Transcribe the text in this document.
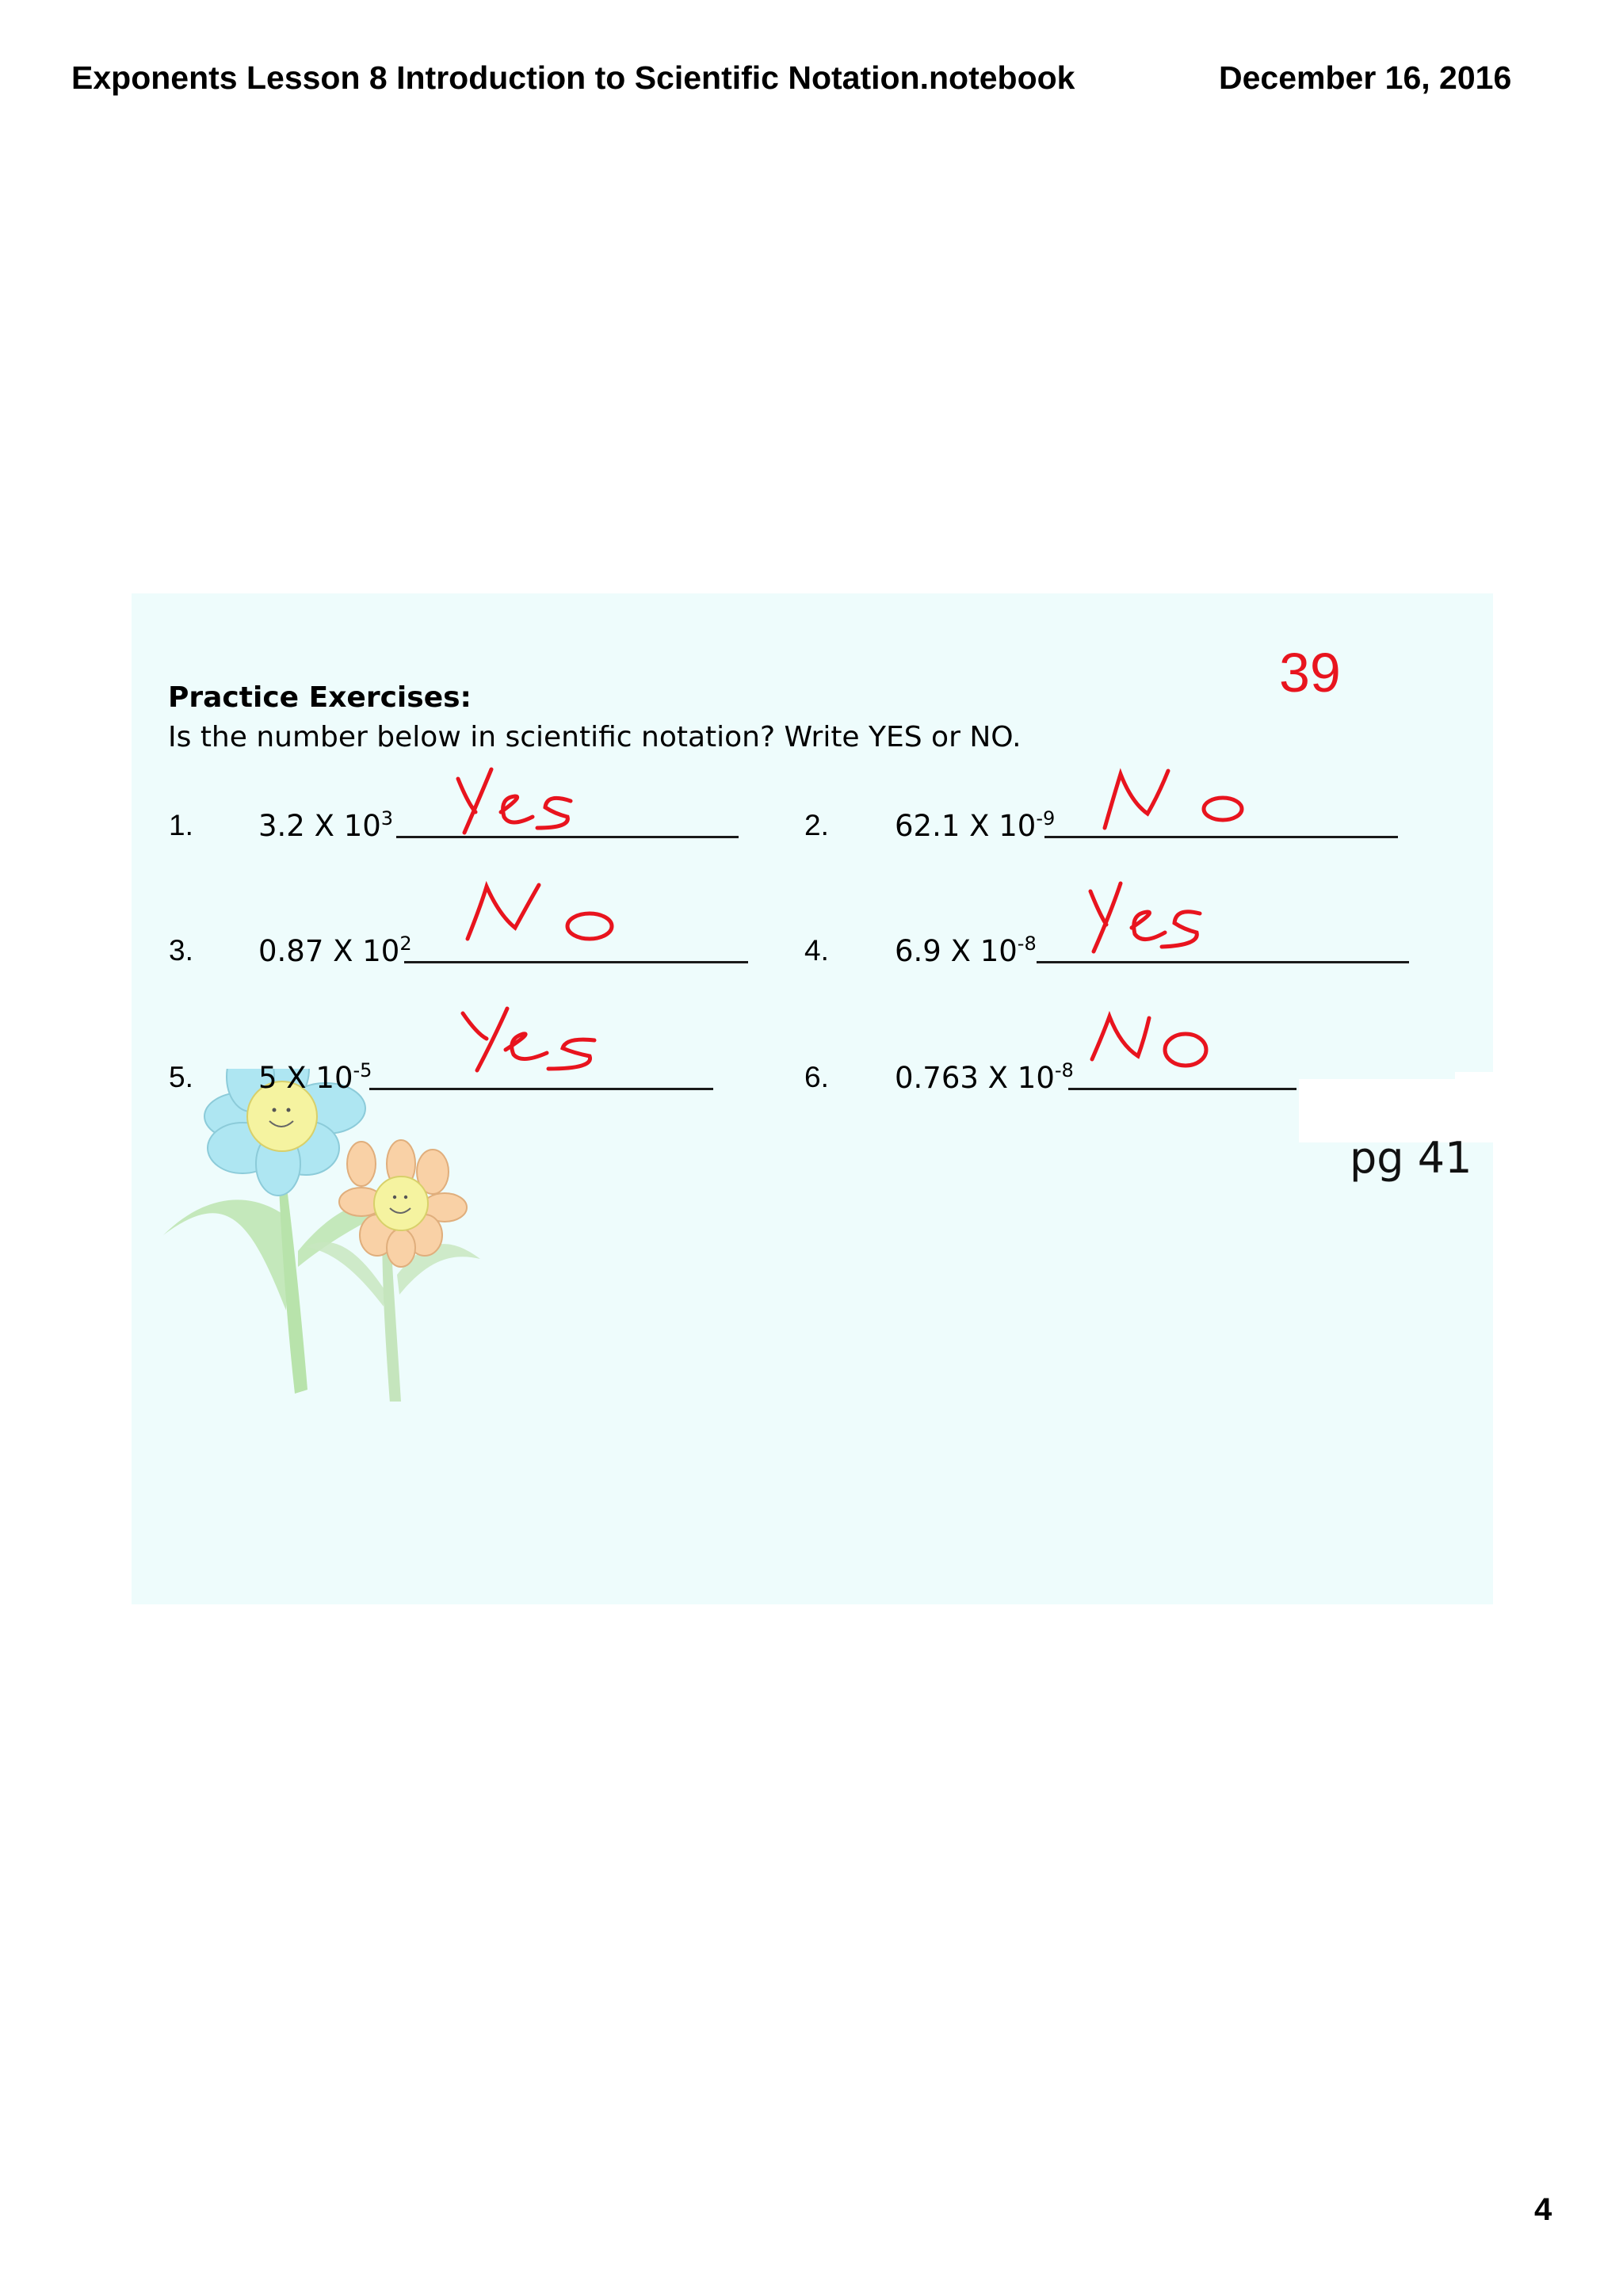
Exponents Lesson 8 Introduction to Scientific Notation.notebook	December 16, 2016
39
Practice Exercises:
Is the number below in scientific notation? Write YES or NO.
1. 3.2 X $10^3$
Yes
2. 62.1 X $10^{-9}$
No
3. 0.87 X $10^2$
No
4. 6.9 X $10^{-8}$
Yes
5. 5 X $10^{-5}$
Yes
6. 0.763 X $10^{-8}$
No
pg 41
4
